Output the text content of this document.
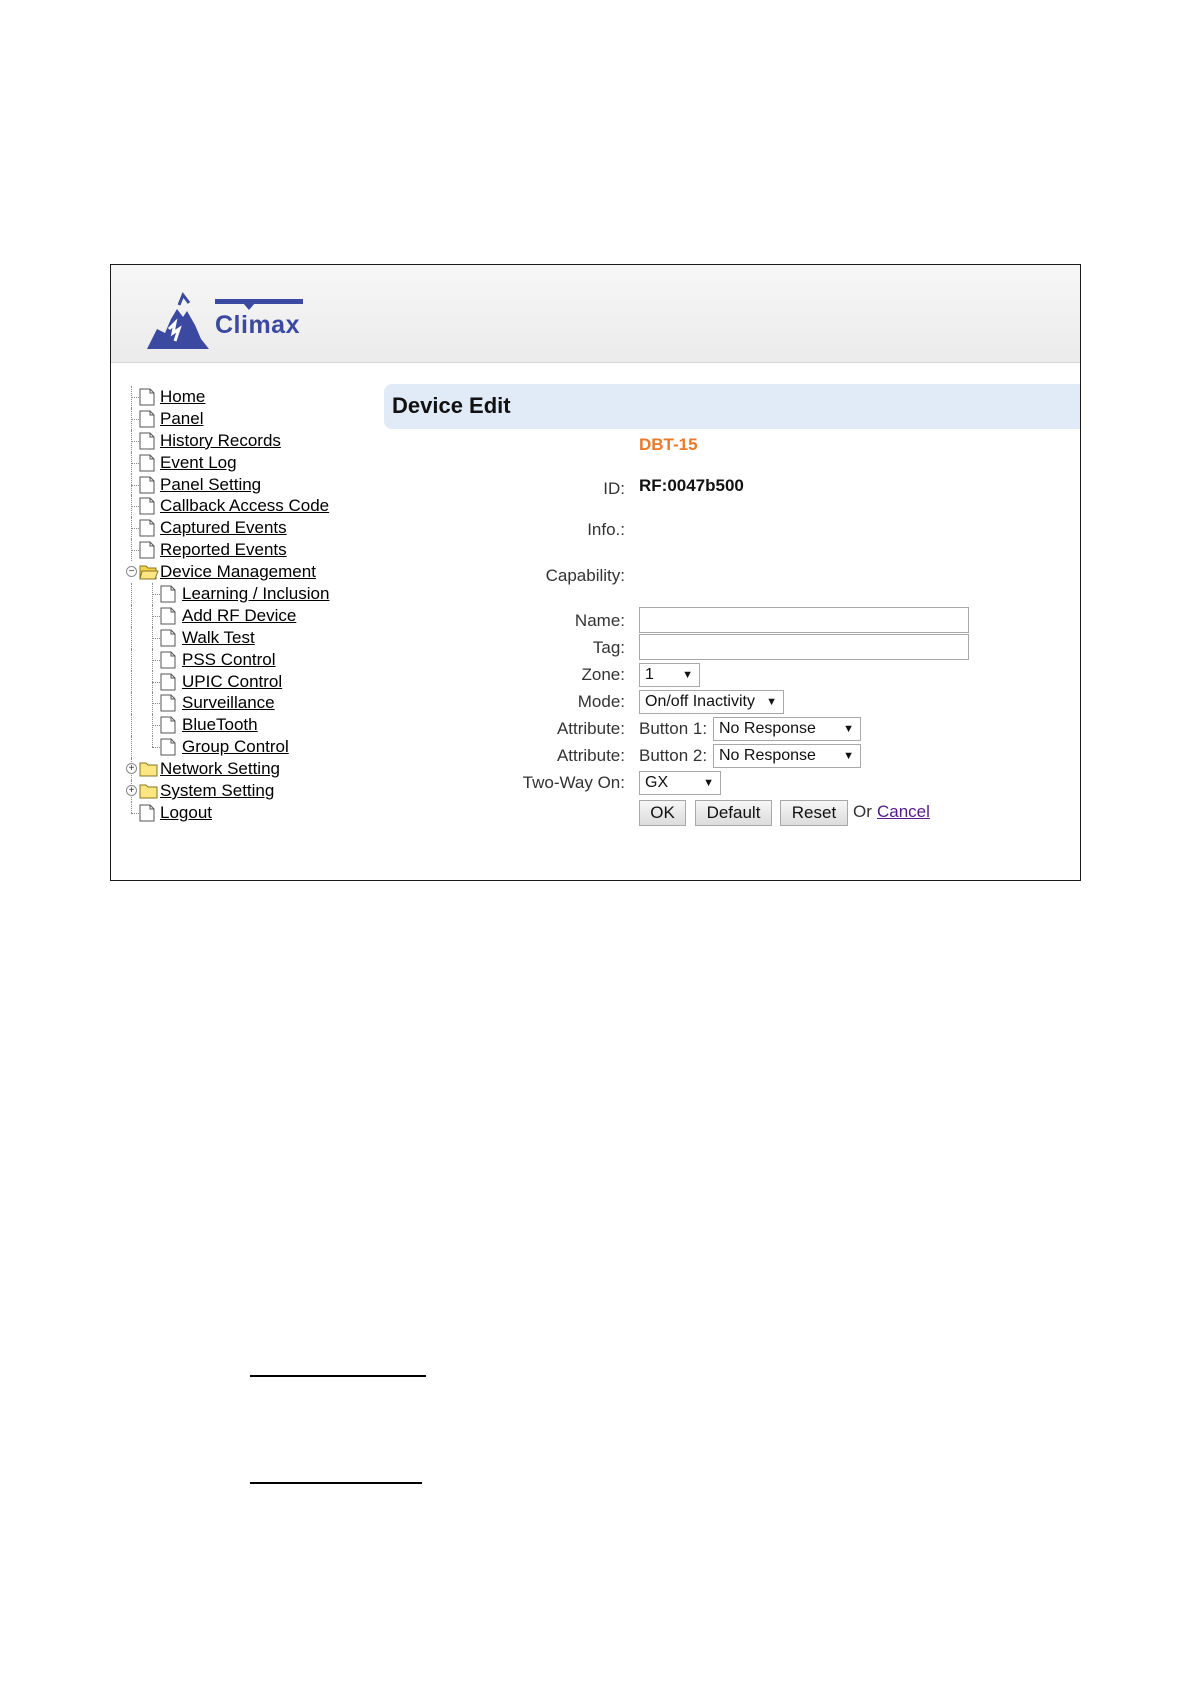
Climax
Home
Panel
History Records
Event Log
Panel Setting
Callback Access Code
Captured Events
Reported Events
− Device Management
Learning / Inclusion
Add RF Device
Walk Test
PSS Control
UPIC Control
Surveillance
BlueTooth
Group Control
+ Network Setting
+ System Setting
Logout
Device Edit
DBT-15
ID: RF:0047b500
Info.:
Capability:
Name:
Tag:
Zone:	1	▼
Mode:	On/off Inactivity ▼
Attribute: Button 1: No Response ▼
Attribute: Button 2: No Response ▼
Two-Way On:	GX	▼
OK	Default	Reset Or Cancel
